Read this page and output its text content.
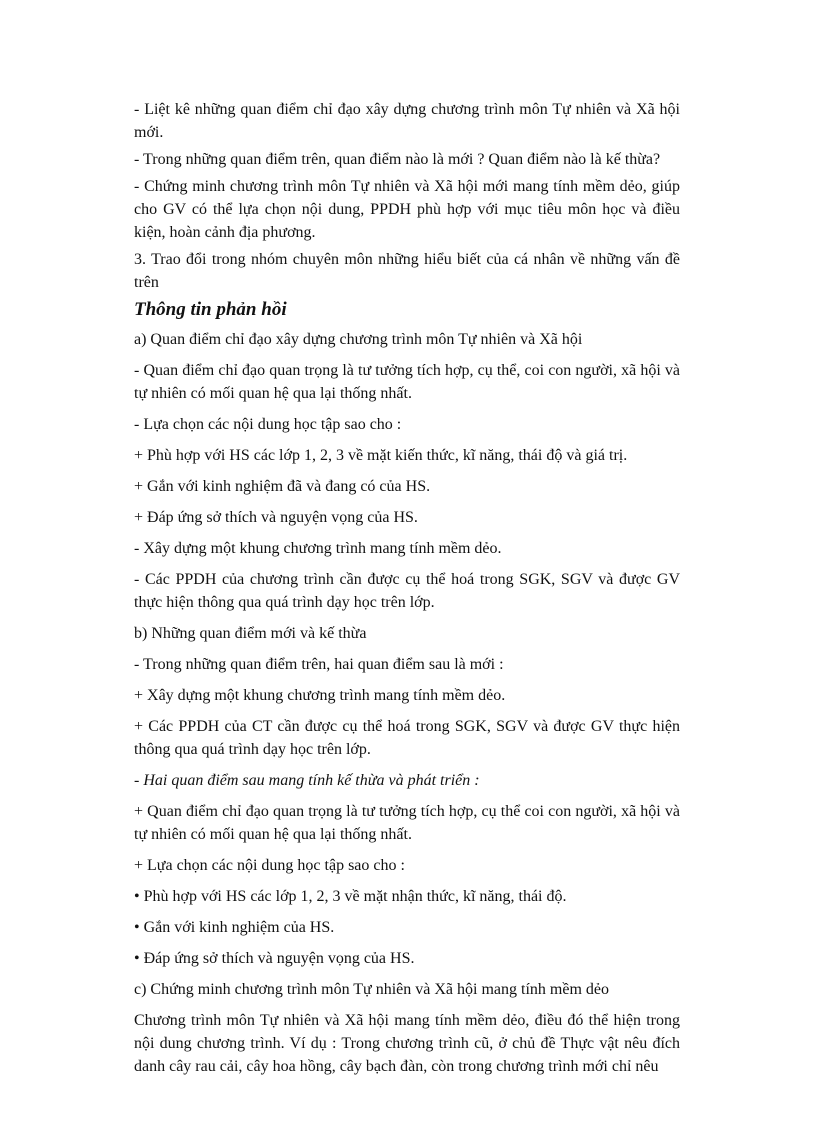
- Liệt kê những quan điểm chỉ đạo xây dựng chương trình môn Tự nhiên và Xã hội mới.

- Trong những quan điểm trên, quan điểm nào là mới ? Quan điểm nào là kế thừa?

- Chứng minh chương trình môn Tự nhiên và Xã hội mới mang tính mềm dẻo, giúp cho GV có thể lựa chọn nội dung, PPDH phù hợp với mục tiêu môn học và điều kiện, hoàn cảnh địa phương.

3. Trao đổi trong nhóm chuyên môn những hiểu biết của cá nhân về những vấn đề trên

Thông tin phản hồi

a) Quan điểm chỉ đạo xây dựng chương trình môn Tự nhiên và Xã hội

- Quan điểm chỉ đạo quan trọng là tư tưởng tích hợp, cụ thể, coi con người, xã hội và tự nhiên có mối quan hệ qua lại thống nhất.

- Lựa chọn các nội dung học tập sao cho :

+ Phù hợp với HS các lớp 1, 2, 3 về mặt kiến thức, kĩ năng, thái độ và giá trị.

+ Gắn với kinh nghiệm đã và đang có của HS.

+ Đáp ứng sở thích và nguyện vọng của HS.

- Xây dựng một khung chương trình mang tính mềm dẻo.

- Các PPDH của chương trình cần được cụ thể hoá trong SGK, SGV và được GV thực hiện thông qua quá trình dạy học trên lớp.

b) Những quan điểm mới và kế thừa

- Trong những quan điểm trên, hai quan điểm sau là mới :

+ Xây dựng một khung chương trình mang tính mềm dẻo.

+ Các PPDH của CT cần được cụ thể hoá trong SGK, SGV và được GV thực hiện thông qua quá trình dạy học trên lớp.

- Hai quan điểm sau mang tính kế thừa và phát triển :

+ Quan điểm chỉ đạo quan trọng là tư tưởng tích hợp, cụ thể coi con người, xã hội và tự nhiên có mối quan hệ qua lại thống nhất.

+ Lựa chọn các nội dung học tập sao cho :

• Phù hợp với HS các lớp 1, 2, 3 về mặt nhận thức, kĩ năng, thái độ.

• Gắn với kinh nghiệm của HS.

• Đáp ứng sở thích và nguyện vọng của HS.

c) Chứng minh chương trình môn Tự nhiên và Xã hội mang tính mềm dẻo

Chương trình môn Tự nhiên và Xã hội mang tính mềm dẻo, điều đó thể hiện trong nội dung chương trình. Ví dụ : Trong chương trình cũ, ở chủ đề Thực vật nêu đích danh cây rau cải, cây hoa hồng, cây bạch đàn, còn trong chương trình mới chỉ nêu
